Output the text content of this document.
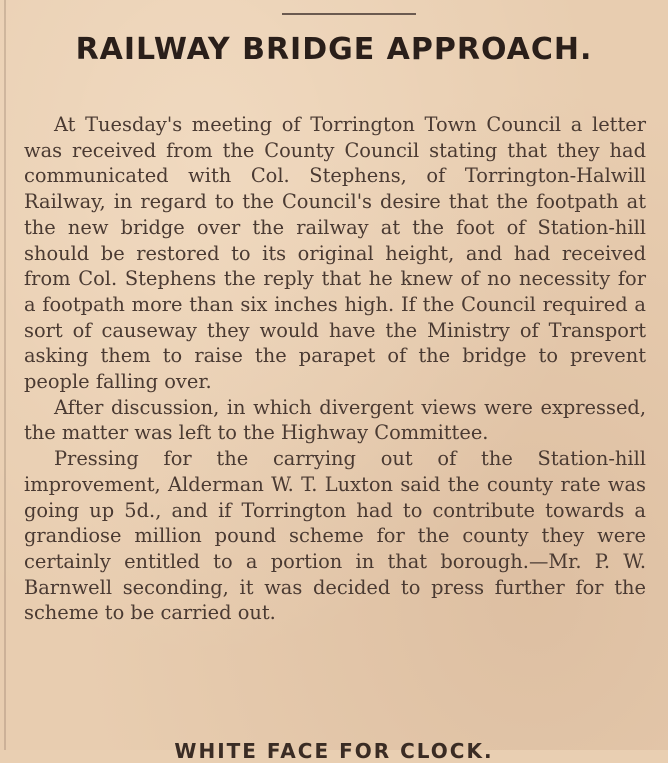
RAILWAY BRIDGE APPROACH.

At Tuesday's meeting of Torrington Town Council a letter was received from the County Council stating that they had communicated with Col. Stephens, of Torrington-Halwill Railway, in regard to the Council's desire that the footpath at the new bridge over the railway at the foot of Station-hill should be restored to its original height, and had received from Col. Stephens the reply that he knew of no necessity for a footpath more than six inches high. If the Council required a sort of causeway they would have the Ministry of Transport asking them to raise the parapet of the bridge to prevent people falling over.

After discussion, in which divergent views were expressed, the matter was left to the Highway Committee.

Pressing for the carrying out of the Station-hill improvement, Alderman W. T. Luxton said the county rate was going up 5d., and if Torrington had to contribute towards a grandiose million pound scheme for the county they were certainly entitled to a portion in that borough.—Mr. P. W. Barnwell seconding, it was decided to press further for the scheme to be carried out.

WHITE FACE FOR CLOCK.
